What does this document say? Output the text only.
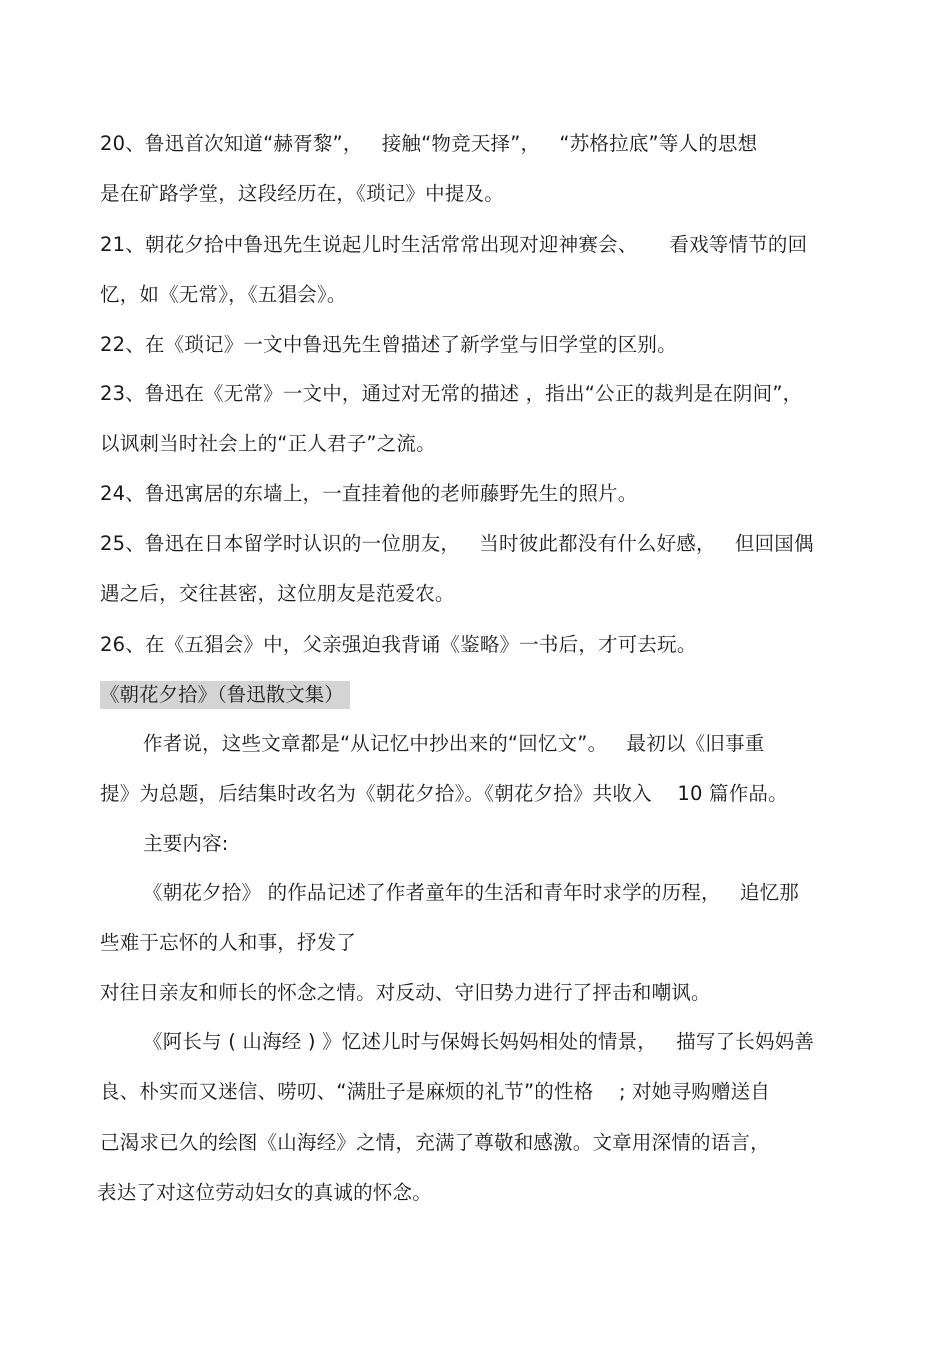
20、鲁迅首次知道“赫胥黎”，   接触“物竞天择”，   “苏格拉底”等人的思想
是在矿路学堂，这段经历在，《琐记》中提及。
21、朝花夕拾中鲁迅先生说起儿时生活常常出现对迎神赛会、     看戏等情节的回
忆，如《无常》，《五猖会》。
22、在《琐记》一文中鲁迅先生曾描述了新学堂与旧学堂的区别。
23、鲁迅在《无常》一文中，通过对无常的描述 ，指出“公正的裁判是在阴间”，
以讽刺当时社会上的“正人君子”之流。
24、鲁迅寓居的东墙上，一直挂着他的老师藤野先生的照片。
25、鲁迅在日本留学时认识的一位朋友，   当时彼此都没有什么好感，   但回国偶
遇之后，交往甚密，这位朋友是范爱农。
26、在《五猖会》中，父亲强迫我背诵《鉴略》一书后，才可去玩。
《朝花夕拾》（鲁迅散文集）
作者说，这些文章都是“从记忆中抄出来的“回忆文”。   最初以《旧事重
提》为总题，后结集时改名为《朝花夕拾》。《朝花夕拾》共收入    10 篇作品。
主要内容:
《朝花夕拾》 的作品记述了作者童年的生活和青年时求学的历程，   追忆那
些难于忘怀的人和事，抒发了
对往日亲友和师长的怀念之情。对反动、守旧势力进行了抨击和嘲讽。
《阿长与 ( 山海经 ) 》忆述儿时与保姆长妈妈相处的情景，   描写了长妈妈善
良、朴实而又迷信、唠叨、“满肚子是麻烦的礼节”的性格    ; 对她寻购赠送自
己渴求已久的绘图《山海经》之情，充满了尊敬和感激。文章用深情的语言，
表达了对这位劳动妇女的真诚的怀念。
